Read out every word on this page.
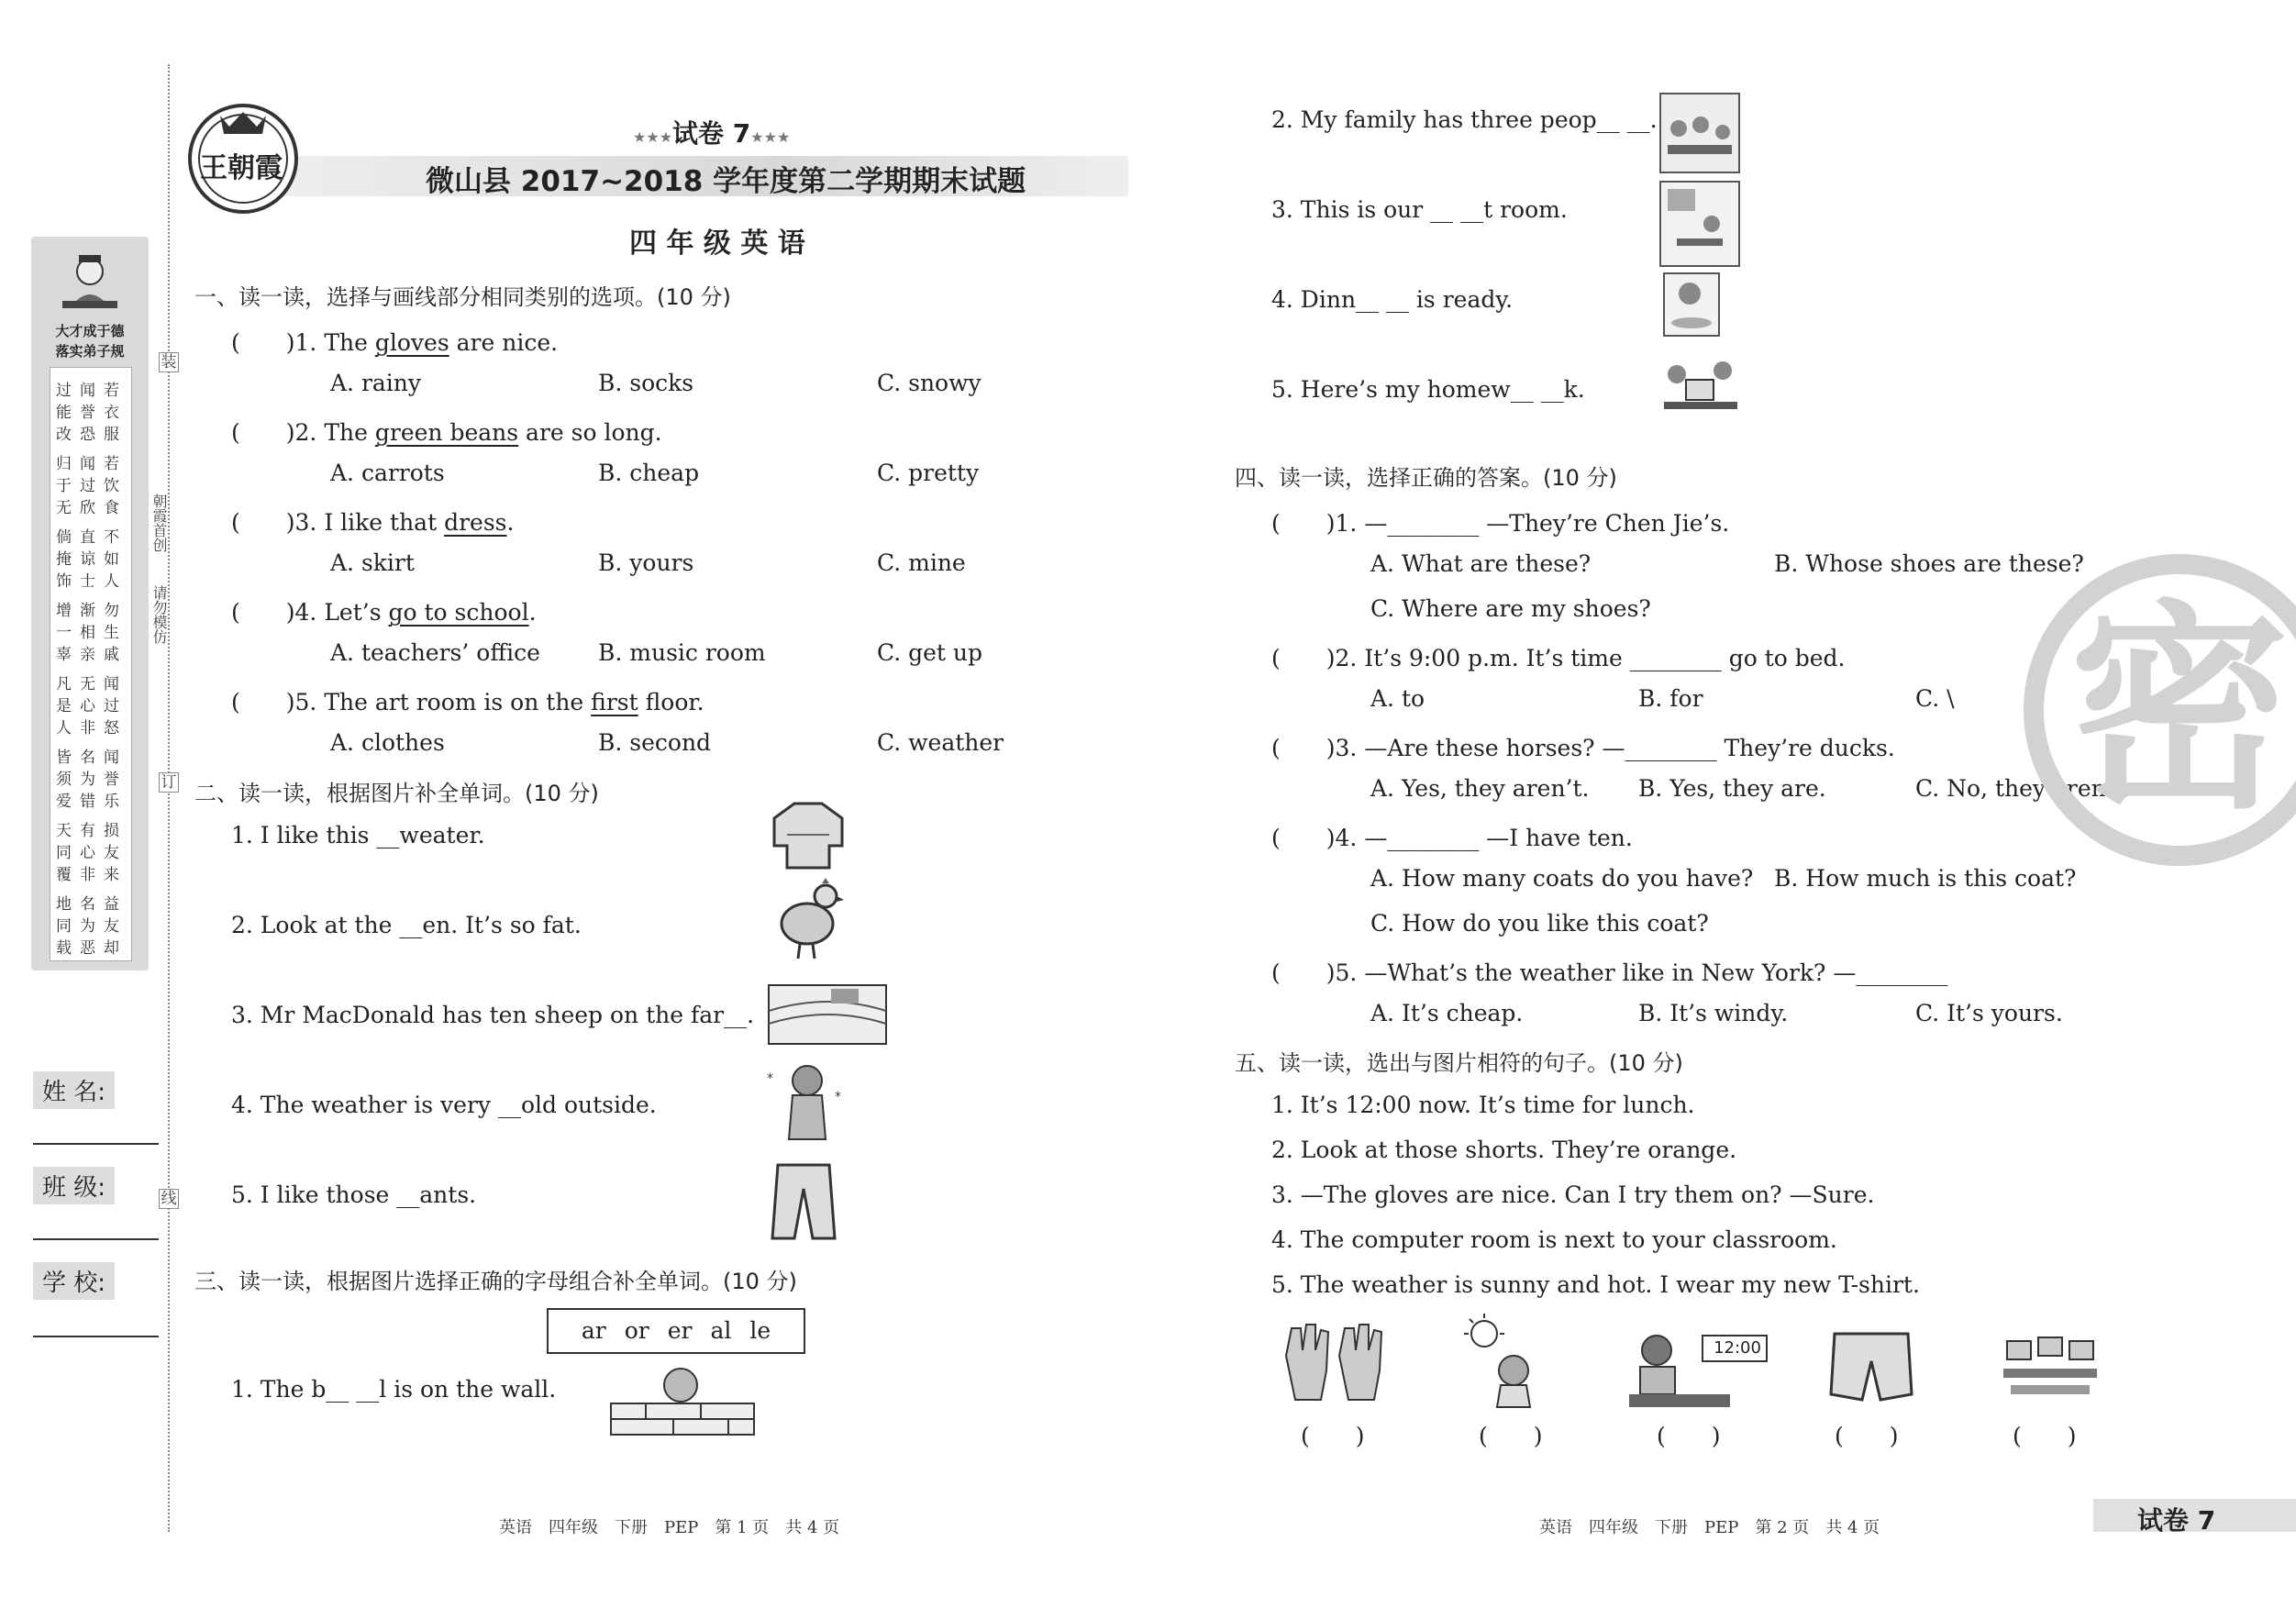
装
订
线
朝霞首创
请勿模仿
大才成于德
落实弟子规
过
能
改
闻
誉
恐
若
衣
服
归
于
无
闻
过
欣
若
饮
食
倘
掩
饰
直
谅
士
不
如
人
增
一
辜
渐
相
亲
勿
生
戚
凡
是
人
无
心
非
闻
过
怒
皆
须
爱
名
为
错
闻
誉
乐
天
同
覆
有
心
非
损
友
来
地
同
载
名
为
恶
益
友
却
姓 名:
班 级:
学 校:
王朝霞
★★★试卷 7★★★
微山县 2017~2018 学年度第二学期期末试题
四 年 级 英 语
一、读一读，选择与画线部分相同类别的选项。(10 分)
(　　)1. The gloves are nice.
A. rainy	B. socks	C. snowy
(　　)2. The green beans are so long.
A. carrots	B. cheap	C. pretty
(　　)3. I like that dress.
A. skirt	B. yours	C. mine
(　　)4. Let’s go to school.
A. teachers’ office	B. music room	C. get up
(　　)5. The art room is on the first floor.
A. clothes	B. second	C. weather
二、读一读，根据图片补全单词。(10 分)
1. I like this __weater.
2. Look at the __en. It’s so fat.
3. Mr MacDonald has ten sheep on the far__.
4. The weather is very __old outside.
5. I like those __ants.
*
*
三、读一读，根据图片选择正确的字母组合补全单词。(10 分)
ar or er al le
1. The b__ __l is on the wall.
2. My family has three peop__ __.
3. This is our __ __t room.
4. Dinn__ __ is ready.
5. Here’s my homew__ __k.
四、读一读，选择正确的答案。(10 分)
(　　)1. —________ —They’re Chen Jie’s.
A. What are these?	B. Whose shoes are these?
C. Where are my shoes?
(　　)2. It’s 9:00 p.m. It’s time ________ go to bed.
A. to	B. for	C. \
(　　)3. —Are these horses? —________ They’re ducks.
A. Yes, they aren’t. B. Yes, they are.	C. No, they aren’t.
(　　)4. —________ —I have ten.
A. How many coats do you have? B. How much is this coat?
C. How do you like this coat?
(　　)5. —What’s the weather like in New York? —________
A. It’s cheap.	B. It’s windy.	C. It’s yours.
五、读一读，选出与图片相符的句子。(10 分)
1. It’s 12:00 now. It’s time for lunch.
2. Look at those shorts. They’re orange.
3. —The gloves are nice. Can I try them on? —Sure.
4. The computer room is next to your classroom.
5. The weather is sunny and hot. I wear my new T-shirt.
12:00
(　　)	(　　)	(　　)	(　　)	(　　)
密
英语　四年级　下册　PEP　第 1 页　共 4 页	英语　四年级　下册　PEP　第 2 页　共 4 页	试卷 7
